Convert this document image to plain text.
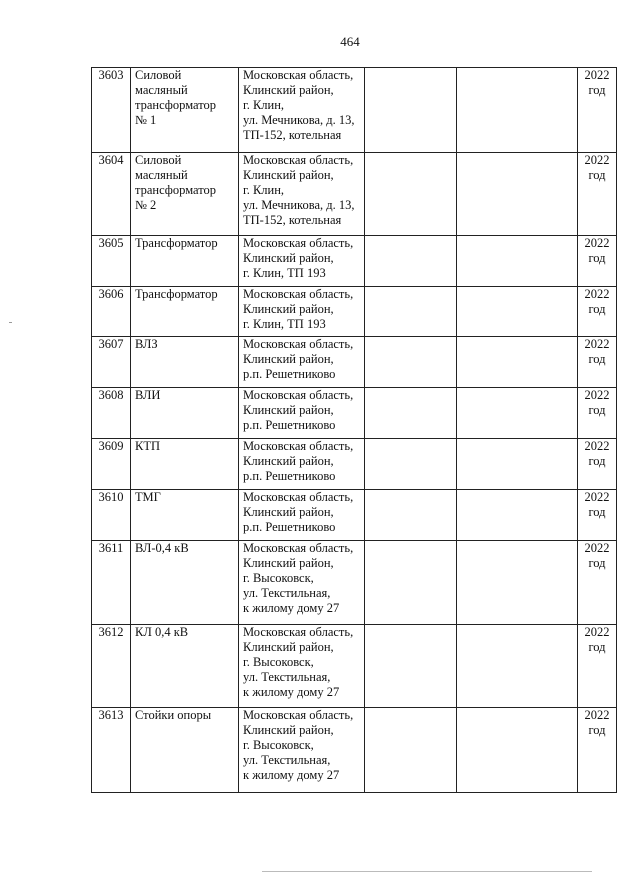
464
3603	Силовой
масляный
трансформатор
№ 1	Московская область,
Клинский район,
г. Клин,
ул. Мечникова, д. 13,
ТП-152, котельная			2022
год

3604	Силовой
масляный
трансформатор
№ 2	Московская область,
Клинский район,
г. Клин,
ул. Мечникова, д. 13,
ТП-152, котельная			2022
год

3605	Трансформатор	Московская область,
Клинский район,
г. Клин, ТП 193			2022
год

3606	Трансформатор	Московская область,
Клинский район,
г. Клин, ТП 193			2022
год

3607	ВЛЗ	Московская область,
Клинский район,
р.п. Решетниково			2022
год

3608	ВЛИ	Московская область,
Клинский район,
р.п. Решетниково			2022
год

3609	КТП	Московская область,
Клинский район,
р.п. Решетниково			2022
год

3610	ТМГ	Московская область,
Клинский район,
р.п. Решетниково			2022
год

3611	ВЛ-0,4 кВ	Московская область,
Клинский район,
г. Высоковск,
ул. Текстильная,
к жилому дому 27			2022
год

3612	КЛ 0,4 кВ	Московская область,
Клинский район,
г. Высоковск,
ул. Текстильная,
к жилому дому 27			2022
год

3613	Стойки опоры	Московская область,
Клинский район,
г. Высоковск,
ул. Текстильная,
к жилому дому 27			2022
год
